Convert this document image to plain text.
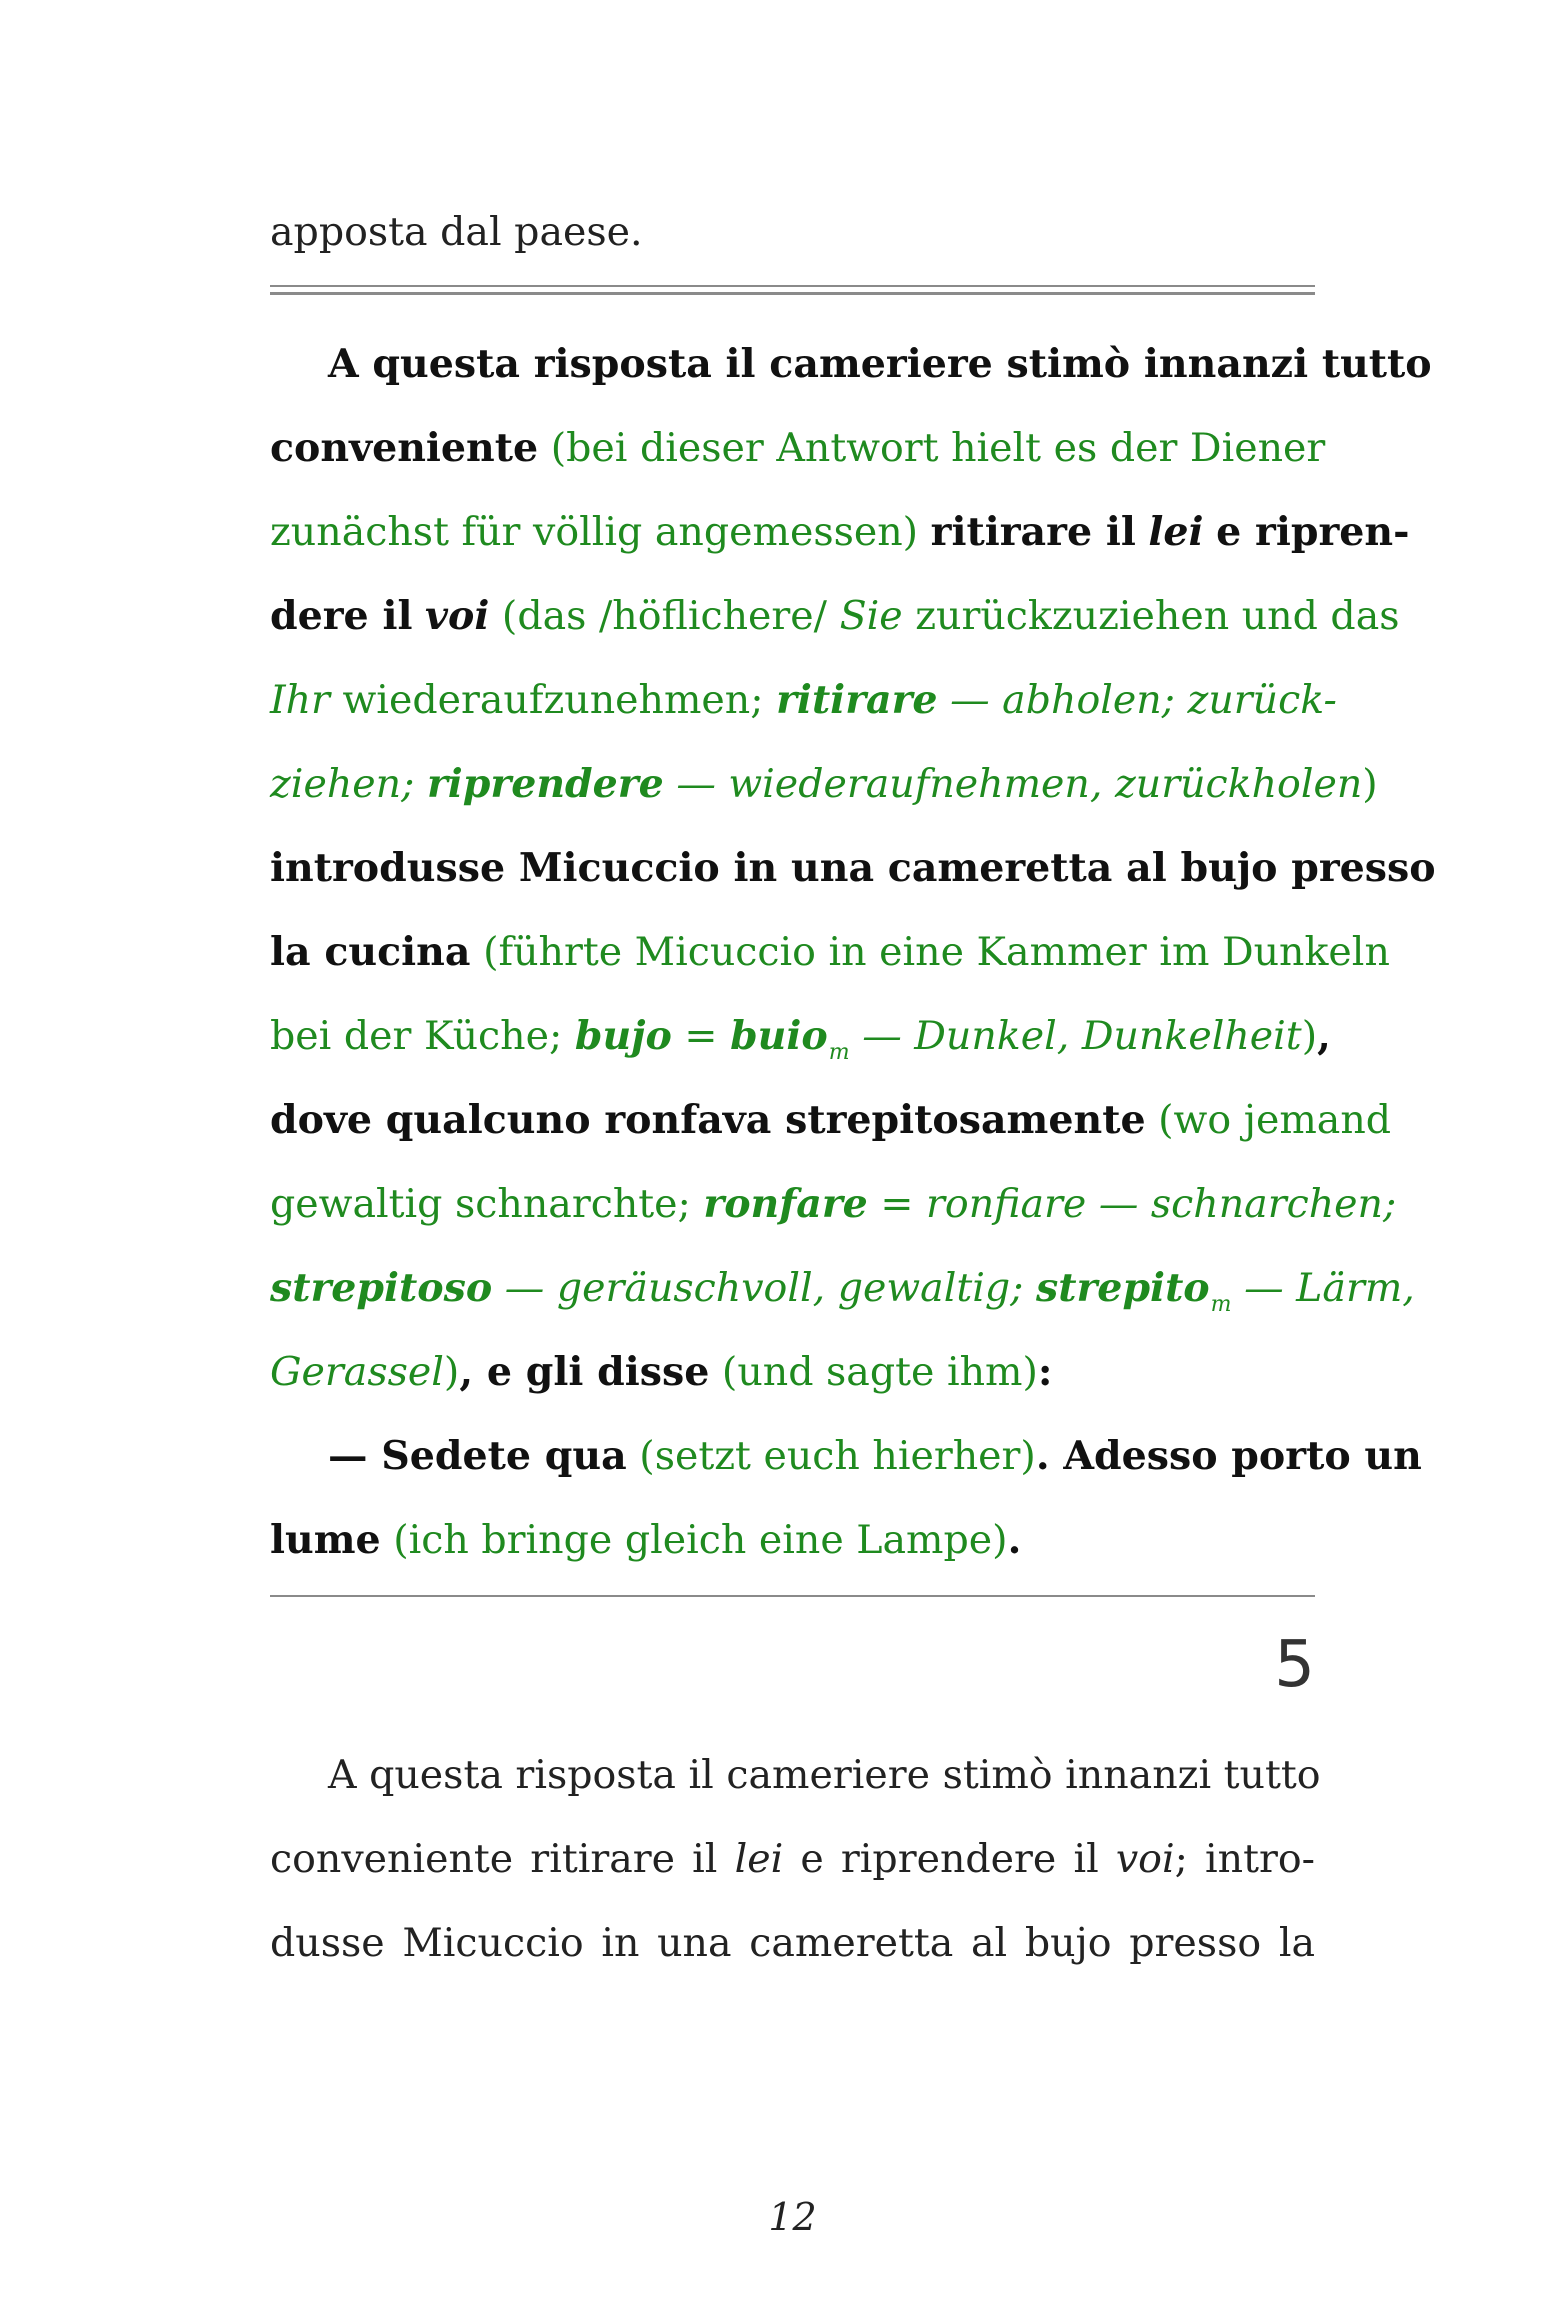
apposta dal paese.
A questa risposta il cameriere stimò innanzi tutto
conveniente (bei dieser Antwort hielt es der Diener
zunächst für völlig angemessen) ritirare il lei e ripren-
dere il voi (das /höflichere/ Sie zurückzuziehen und das
Ihr wiederaufzunehmen; ritirare — abholen; zurück-
ziehen; riprendere — wiederaufnehmen, zurückholen)
introdusse Micuccio in una cameretta al bujo presso
la cucina (führte Micuccio in eine Kammer im Dunkeln
bei der Küche; bujo = buio$_m$ — Dunkel, Dunkelheit),
dove qualcuno ronfava strepitosamente (wo jemand
gewaltig schnarchte; ronfare = ronfiare — schnarchen;
strepitoso — geräuschvoll, gewaltig; strepito$_m$ — Lärm,
Gerassel), e gli disse (und sagte ihm):
— Sedete qua (setzt euch hierher). Adesso porto un
lume (ich bringe gleich eine Lampe).
5
A questa risposta il cameriere stimò innanzi tutto
conveniente ritirare il lei e riprendere il voi; intro-
dusse Micuccio in una cameretta al bujo presso la
12
